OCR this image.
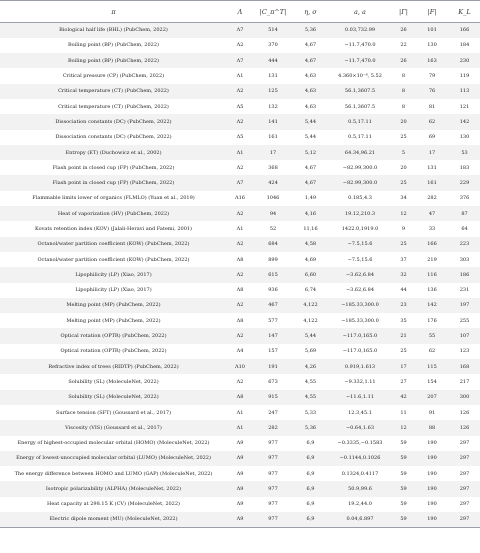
π	Λ	|C_π^T|	η, σ	a, a	|Γ|	|F|	K_L
Biological half life (BHL) (PubChem, 2022)	Λ7	514	5,36	0.03,732.99	26	101	166
Boiling point (BP) (PubChem, 2022)	Λ2	370	4,67	−11.7,470.0	22	130	184
Boiling point (BP) (PubChem, 2022)	Λ7	444	4,67	−11.7,470.0	26	163	230
Critical pressure (CP) (PubChem, 2022)	Λ1	131	4,63	4.360×10⁻⁸, 5.52	8	79	119
Critical temperature (CT) (PubChem, 2022)	Λ2	125	4,63	56.1,3607.5	8	76	113
Critical temperature (CT) (PubChem, 2022)	Λ5	132	4,63	56.1,3607.5	8	81	121
Dissociation constants (DC) (PubChem, 2022)	Λ2	141	5,44	0.5,17.11	20	62	142
Dissociation constants (DC) (PubChem, 2022)	Λ5	161	5,44	0.5,17.11	25	69	130
Entropy (ET) (Duchowicz et al., 2002)	Λ1	17	5,12	64.34,96.21	5	17	53
Flash point in closed cup (FP) (PubChem, 2022)	Λ2	368	4,67	−82.99,300.0	20	131	183
Flash point in closed cup (FP) (PubChem, 2022)	Λ7	424	4,67	−82.99,300.0	25	161	229
Flammable limits lower of organics (FLMLO) (Yuan et al., 2019)	Λ16	1046	1,49	0.185,4.3	34	282	376
Heat of vaporization (HV) (PubChem, 2022)	Λ2	94	4,16	19.12,210.3	12	47	87
Kovats retention index (KOV) (Jalali-Heravi and Fatemi, 2001)	Λ1	52	11,16	1422.0,1919.0	9	33	64
Octanol/water partition coefficient (KOW) (PubChem, 2022)	Λ2	684	4,58	−7.5,15.6	25	166	223
Octanol/water partition coefficient (KOW) (PubChem, 2022)	Λ8	899	4,69	−7.5,15.6	37	219	303
Lipophilicity (LP) (Xiao, 2017)	Λ2	615	6,60	−3.62,6.84	32	116	186
Lipophilicity (LP) (Xiao, 2017)	Λ8	936	6,74	−3.62,6.84	44	136	231
Melting point (MP) (PubChem, 2022)	Λ2	467	4,122	−185.33,300.0	23	142	197
Melting point (MP) (PubChem, 2022)	Λ8	577	4,122	−185.33,300.0	35	176	255
Optical rotation (OPTR) (PubChem, 2022)	Λ2	147	5,44	−117.0,165.0	21	55	107
Optical rotation (OPTR) (PubChem, 2022)	Λ4	157	5,69	−117.0,165.0	25	62	123
Refractive index of trees (RIDTP) (PubChem, 2022)	Λ10	191	4,26	0.919,1.613	17	115	168
Solubility (SL) (MoleculeNet, 2022)	Λ2	673	4,55	−9.332,1.11	27	154	217
Solubility (SL) (MoleculeNet, 2022)	Λ8	915	4,55	−11.6,1.11	42	207	300
Surface tension (SFT) (Goussard et al., 2017)	Λ1	247	5,33	12.3,45.1	11	91	126
Viscosity (VIS) (Goussard et al., 2017)	Λ1	282	5,36	−0.64,1.63	12	88	126
Energy of highest-occupied molecular orbital (HOMO) (MoleculeNet, 2022)	Λ9	977	6,9	−0.3335,−0.1583	59	190	297
Energy of lowest-unoccupied molecular orbital (LUMO) (MoleculeNet, 2022)	Λ9	977	6,9	−0.1144,0.1026	59	190	297
The energy difference between HOMO and LUMO (GAP) (MoleculeNet, 2022)	Λ9	977	6,9	0.1324,0.4117	59	190	297
Isotropic polarizability (ALPHA) (MoleculeNet, 2022)	Λ9	977	6,9	50.9,99.6	59	190	297
Heat capacity at 298.15 K (CV) (MoleculeNet, 2022)	Λ9	977	6,9	19.2,44.0	59	190	297
Electric dipole moment (MU) (MoleculeNet, 2022)	Λ9	977	6,9	0.04,6.897	59	190	297
